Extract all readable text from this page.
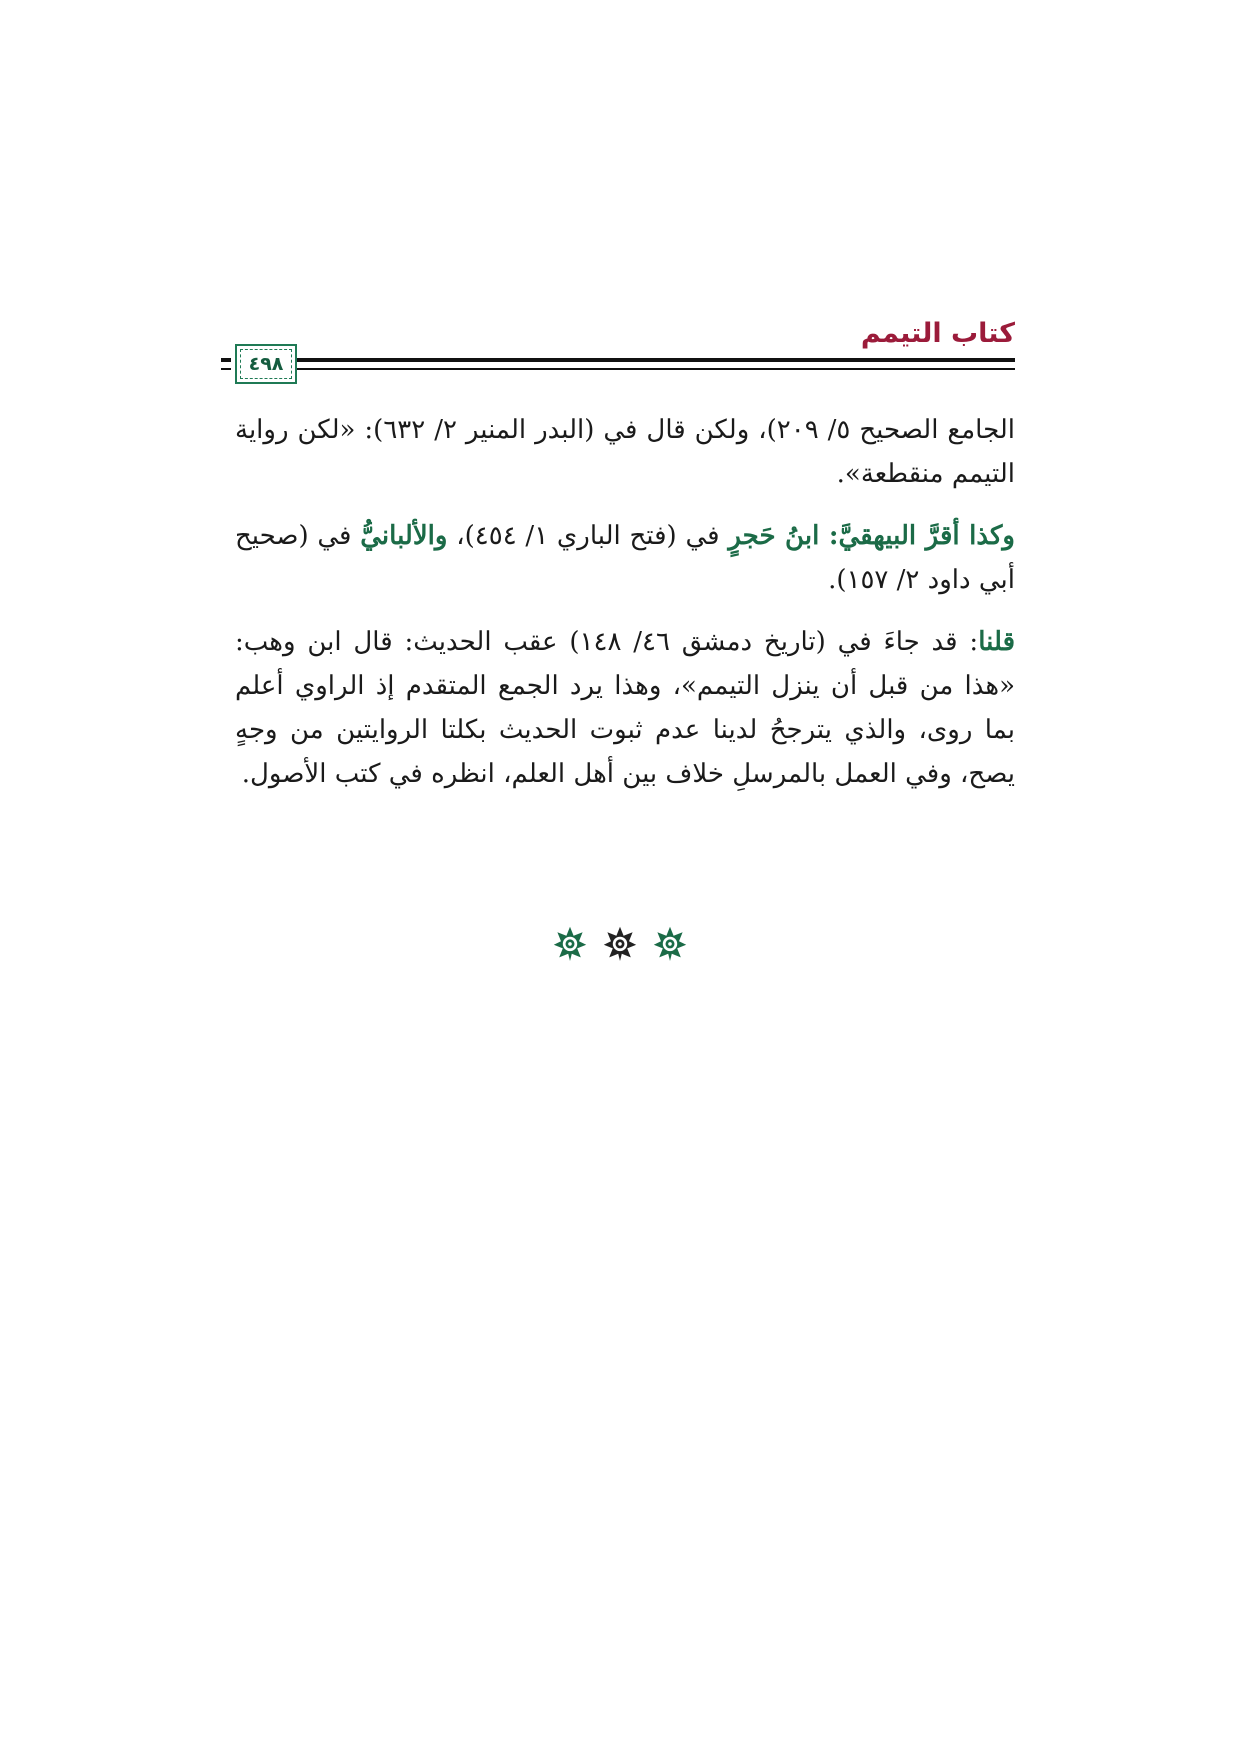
كتاب التيمم
٤٩٨

الجامع الصحيح ٥/ ٢٠٩)، ولكن قال في (البدر المنير ٢/ ٦٣٢): «لكن رواية التيمم منقطعة».

وكذا أقرَّ البيهقيَّ: ابنُ حَجرٍ في (فتح الباري ١/ ٤٥٤)، والألبانيُّ في (صحيح أبي داود ٢/ ١٥٧).

قلنا: قد جاءَ في (تاريخ دمشق ٤٦/ ١٤٨) عقب الحديث: قال ابن وهب: «هذا من قبل أن ينزل التيمم»، وهذا يرد الجمع المتقدم إذ الراوي أعلم بما روى، والذي يترجحُ لدينا عدم ثبوت الحديث بكلتا الروايتين من وجهٍ يصح، وفي العمل بالمرسلِ خلاف بين أهل العلم، انظره في كتب الأصول.
